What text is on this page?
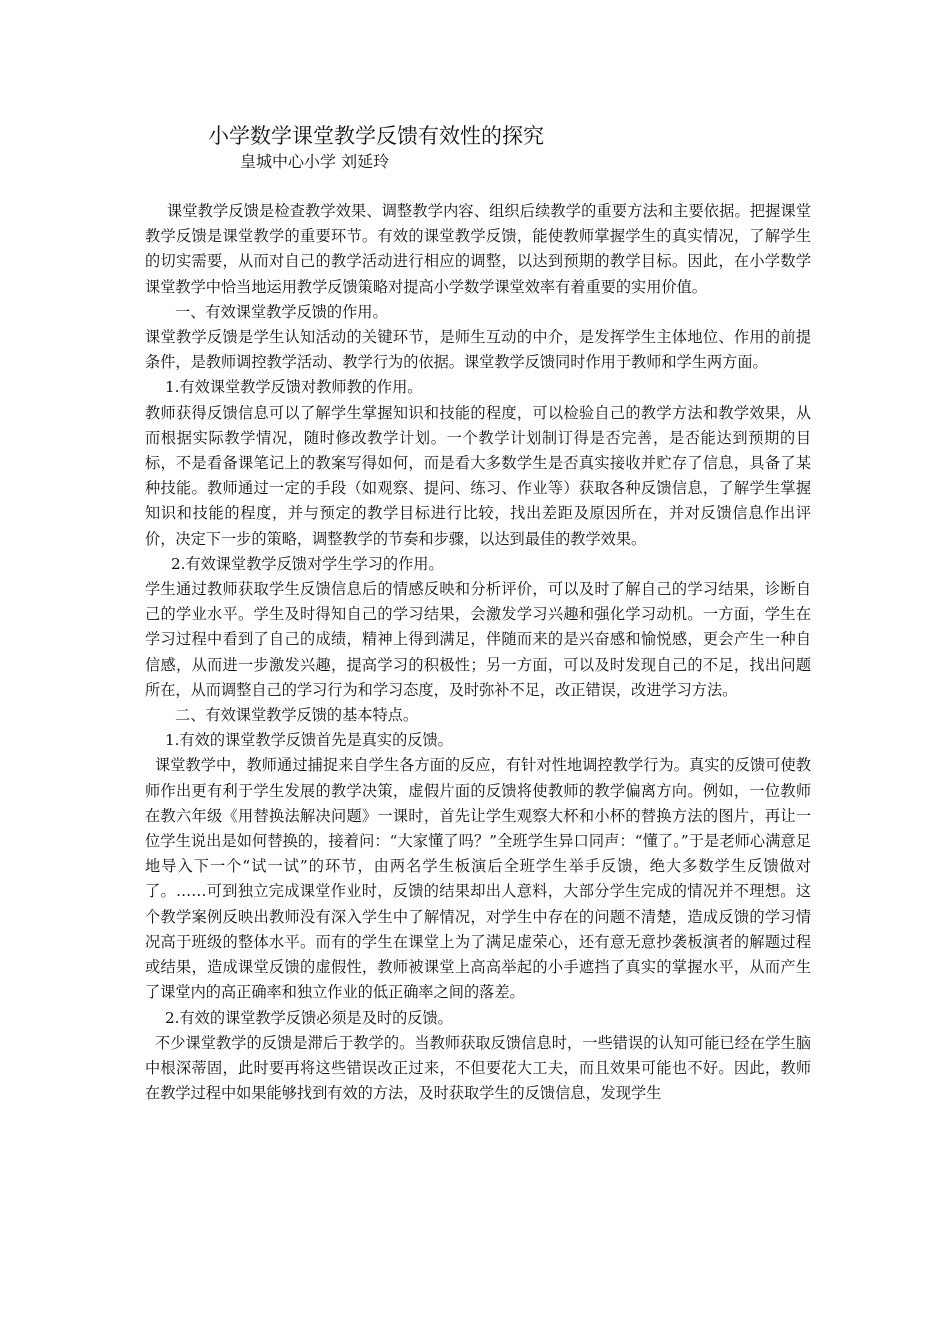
小学数学课堂教学反馈有效性的探究
皇城中心小学 刘延玲

课堂教学反馈是检查教学效果、调整教学内容、组织后续教学的重要方法和主要依据。把握课堂教学反馈是课堂教学的重要环节。有效的课堂教学反馈，能使教师掌握学生的真实情况，了解学生的切实需要，从而对自己的教学活动进行相应的调整，以达到预期的教学目标。因此，在小学数学课堂教学中恰当地运用教学反馈策略对提高小学数学课堂效率有着重要的实用价值。

一、有效课堂教学反馈的作用。

课堂教学反馈是学生认知活动的关键环节，是师生互动的中介，是发挥学生主体地位、作用的前提条件，是教师调控教学活动、教学行为的依据。课堂教学反馈同时作用于教师和学生两方面。

1.有效课堂教学反馈对教师教的作用。

教师获得反馈信息可以了解学生掌握知识和技能的程度，可以检验自己的教学方法和教学效果，从而根据实际教学情况，随时修改教学计划。一个教学计划制订得是否完善，是否能达到预期的目标，不是看备课笔记上的教案写得如何，而是看大多数学生是否真实接收并贮存了信息，具备了某种技能。教师通过一定的手段（如观察、提问、练习、作业等）获取各种反馈信息，了解学生掌握知识和技能的程度，并与预定的教学目标进行比较，找出差距及原因所在，并对反馈信息作出评价，决定下一步的策略，调整教学的节奏和步骤，以达到最佳的教学效果。

2.有效课堂教学反馈对学生学习的作用。

学生通过教师获取学生反馈信息后的情感反映和分析评价，可以及时了解自己的学习结果，诊断自己的学业水平。学生及时得知自己的学习结果，会激发学习兴趣和强化学习动机。一方面，学生在学习过程中看到了自己的成绩，精神上得到满足，伴随而来的是兴奋感和愉悦感，更会产生一种自信感，从而进一步激发兴趣，提高学习的积极性；另一方面，可以及时发现自己的不足，找出问题所在，从而调整自己的学习行为和学习态度，及时弥补不足，改正错误，改进学习方法。

二、有效课堂教学反馈的基本特点。

1.有效的课堂教学反馈首先是真实的反馈。

课堂教学中，教师通过捕捉来自学生各方面的反应，有针对性地调控教学行为。真实的反馈可使教师作出更有利于学生发展的教学决策，虚假片面的反馈将使教师的教学偏离方向。例如，一位教师在教六年级《用替换法解决问题》一课时，首先让学生观察大杯和小杯的替换方法的图片，再让一位学生说出是如何替换的，接着问：“大家懂了吗？”全班学生异口同声：“懂了。”于是老师心满意足地导入下一个“试一试”的环节，由两名学生板演后全班学生举手反馈，绝大多数学生反馈做对了。……可到独立完成课堂作业时，反馈的结果却出人意料，大部分学生完成的情况并不理想。这个教学案例反映出教师没有深入学生中了解情况，对学生中存在的问题不清楚，造成反馈的学习情况高于班级的整体水平。而有的学生在课堂上为了满足虚荣心，还有意无意抄袭板演者的解题过程或结果，造成课堂反馈的虚假性，教师被课堂上高高举起的小手遮挡了真实的掌握水平，从而产生了课堂内的高正确率和独立作业的低正确率之间的落差。

2.有效的课堂教学反馈必须是及时的反馈。

不少课堂教学的反馈是滞后于教学的。当教师获取反馈信息时，一些错误的认知可能已经在学生脑中根深蒂固，此时要再将这些错误改正过来，不但要花大工夫，而且效果可能也不好。因此，教师在教学过程中如果能够找到有效的方法，及时获取学生的反馈信息，发现学生
